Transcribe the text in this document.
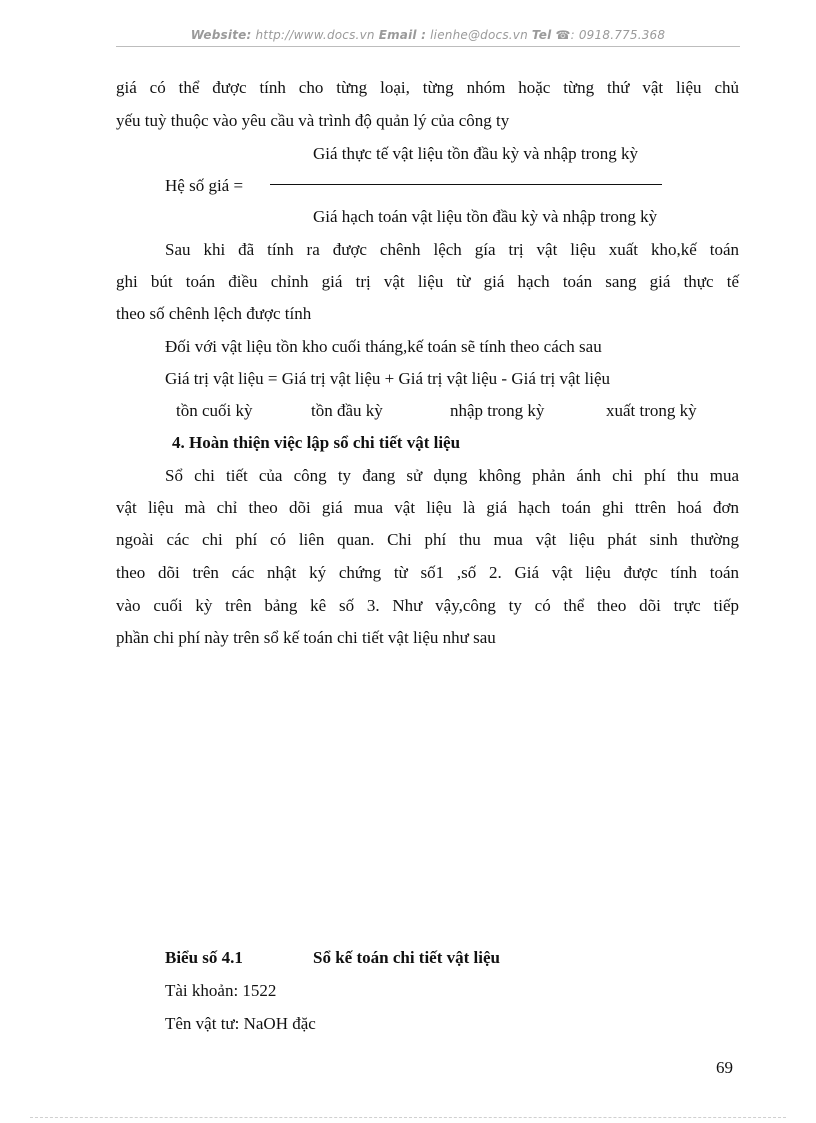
Website: http://www.docs.vn Email : lienhe@docs.vn Tel ☎: 0918.775.368
giá có thể được tính cho từng loại, từng nhóm hoặc từng thứ vật liệu chủ
yếu tuỳ thuộc vào yêu cầu và trình độ quản lý của công ty
Giá thực tế vật liệu tồn đầu kỳ và nhập trong kỳ
Hệ số giá =
Giá hạch toán vật liệu tồn đầu kỳ và nhập trong kỳ
Sau khi đã tính ra được chênh lệch gía trị vật liệu xuất kho,kế toán
ghi bút toán điều chỉnh giá trị vật liệu từ giá hạch toán sang giá thực tế
theo số chênh lệch được tính
Đối với vật liệu tồn kho cuối tháng,kế toán sẽ tính theo cách sau
Giá trị vật liệu = Giá trị vật liệu + Giá trị vật liệu - Giá trị vật liệu
tồn cuối kỳ	tồn đầu kỳ	nhập trong kỳ	xuất trong kỳ
4. Hoàn thiện việc lập sổ chi tiết vật liệu
Sổ chi tiết của công ty đang sử dụng không phản ánh chi phí thu mua
vật liệu mà chỉ theo dõi giá mua vật liệu là giá hạch toán ghi ttrên hoá đơn
ngoài các chi phí có liên quan. Chi phí thu mua vật liệu phát sinh thường
theo dõi trên các nhật ký chứng từ số1 ,số 2. Giá vật liệu được tính toán
vào cuối kỳ trên bảng kê số 3. Như vậy,công ty có thể theo dõi trực tiếp
phần chi phí này trên sổ kế toán chi tiết vật liệu như sau
Biểu số 4.1	Sổ kế toán chi tiết vật liệu
Tài khoản: 1522
Tên vật tư: NaOH đặc
69
